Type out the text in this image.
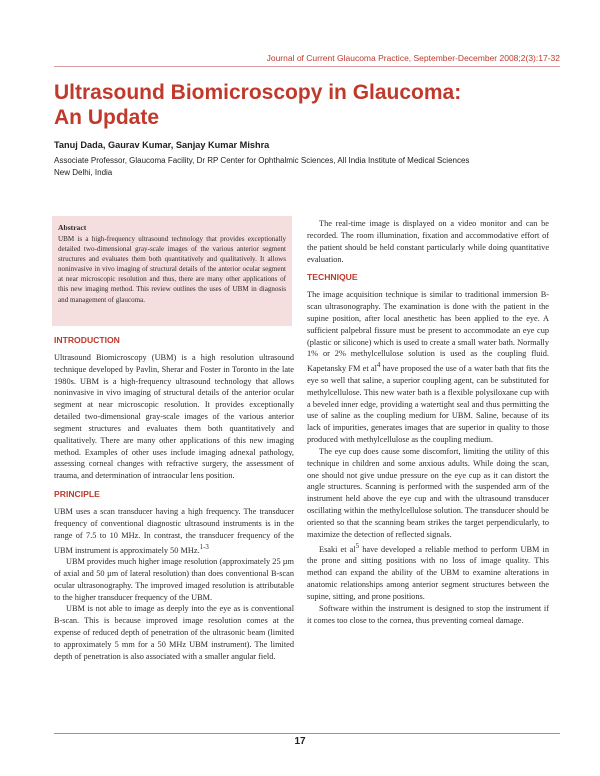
Journal of Current Glaucoma Practice, September-December 2008;2(3):17-32
Ultrasound Biomicroscopy in Glaucoma:
An Update
Tanuj Dada, Gaurav Kumar, Sanjay Kumar Mishra
Associate Professor, Glaucoma Facility, Dr RP Center for Ophthalmic Sciences, All India Institute of Medical Sciences
New Delhi, India
Abstract
UBM is a high-frequency ultrasound technology that provides exceptionally detailed two-dimensional gray-scale images of the various anterior segment structures and evaluates them both quantitatively and qualitatively. It allows noninvasive in vivo imaging of structural details of the anterior ocular segment at near microscopic resolution and thus, there are many other applications of this new imaging method. This review outlines the uses of UBM in diagnosis and management of glaucoma.
INTRODUCTION

Ultrasound Biomicroscopy (UBM) is a high resolution ultrasound technique developed by Pavlin, Sherar and Foster in Toronto in the late 1980s. UBM is a high-frequency ultrasound technology that allows noninvasive in vivo imaging of structural details of the anterior ocular segment at near microscopic resolution. It provides exceptionally detailed two-dimensional gray-scale images of the various anterior segment structures and evaluates them both quantitatively and qualitatively. There are many other applications of this new imaging method. Examples of other uses include imaging adnexal pathology, assessing corneal changes with refractive surgery, the assessment of trauma, and determination of intraocular lens position.

PRINCIPLE

UBM uses a scan transducer having a high frequency. The transducer frequency of conventional diagnostic ultrasound instruments is in the range of 7.5 to 10 MHz. In contrast, the transducer frequency of the UBM instrument is approximately 50 MHz.$^{1-3}$

UBM provides much higher image resolution (approximately 25 µm of axial and 50 µm of lateral resolution) than does conventional B-scan ocular ultrasonography. The improved imaged resolution is attributable to the higher transducer frequency of the UBM.

UBM is not able to image as deeply into the eye as is conventional B-scan. This is because improved image resolution comes at the expense of reduced depth of penetration of the ultrasonic beam (limited to approximately 5 mm for a 50 MHz UBM instrument). The limited depth of penetration is also associated with a smaller angular field.

The real-time image is displayed on a video monitor and can be recorded. The room illumination, fixation and accommodative effort of the patient should be held constant particularly while doing quantitative evaluation.

TECHNIQUE

The image acquisition technique is similar to traditional immersion B-scan ultrasonography. The examination is done with the patient in the supine position, after local anesthetic has been applied to the eye. A sufficient palpebral fissure must be present to accommodate an eye cup (plastic or silicone) which is used to create a small water bath. Normally 1% or 2% methylcellulose solution is used as the coupling fluid. Kapetansky FM et $al^4$ have proposed the use of a water bath that fits the eye so well that saline, a superior coupling agent, can be substituted for methylcellulose. This new water bath is a flexible polysiloxane cup with a beveled inner edge, providing a watertight seal and thus permitting the use of saline as the coupling medium for UBM. Saline, because of its lack of impurities, generates images that are superior in quality to those produced with methylcellulose as the coupling medium.

The eye cup does cause some discomfort, limiting the utility of this technique in children and some anxious adults. While doing the scan, one should not give undue pressure on the eye cup as it can distort the angle structures. Scanning is performed with the suspended arm of the instrument held above the eye cup and with the ultrasound transducer oscillating within the methylcellulose solution. The transducer should be oriented so that the scanning beam strikes the target perpendicularly, to maximize the detection of reflected signals.

Esaki et $al^5$ have developed a reliable method to perform UBM in the prone and sitting positions with no loss of image quality. This method can expand the ability of the UBM to examine alterations in anatomic relationships among anterior segment structures between the supine, sitting, and prone positions.

Software within the instrument is designed to stop the instrument if it comes too close to the cornea, thus preventing corneal damage.

17
